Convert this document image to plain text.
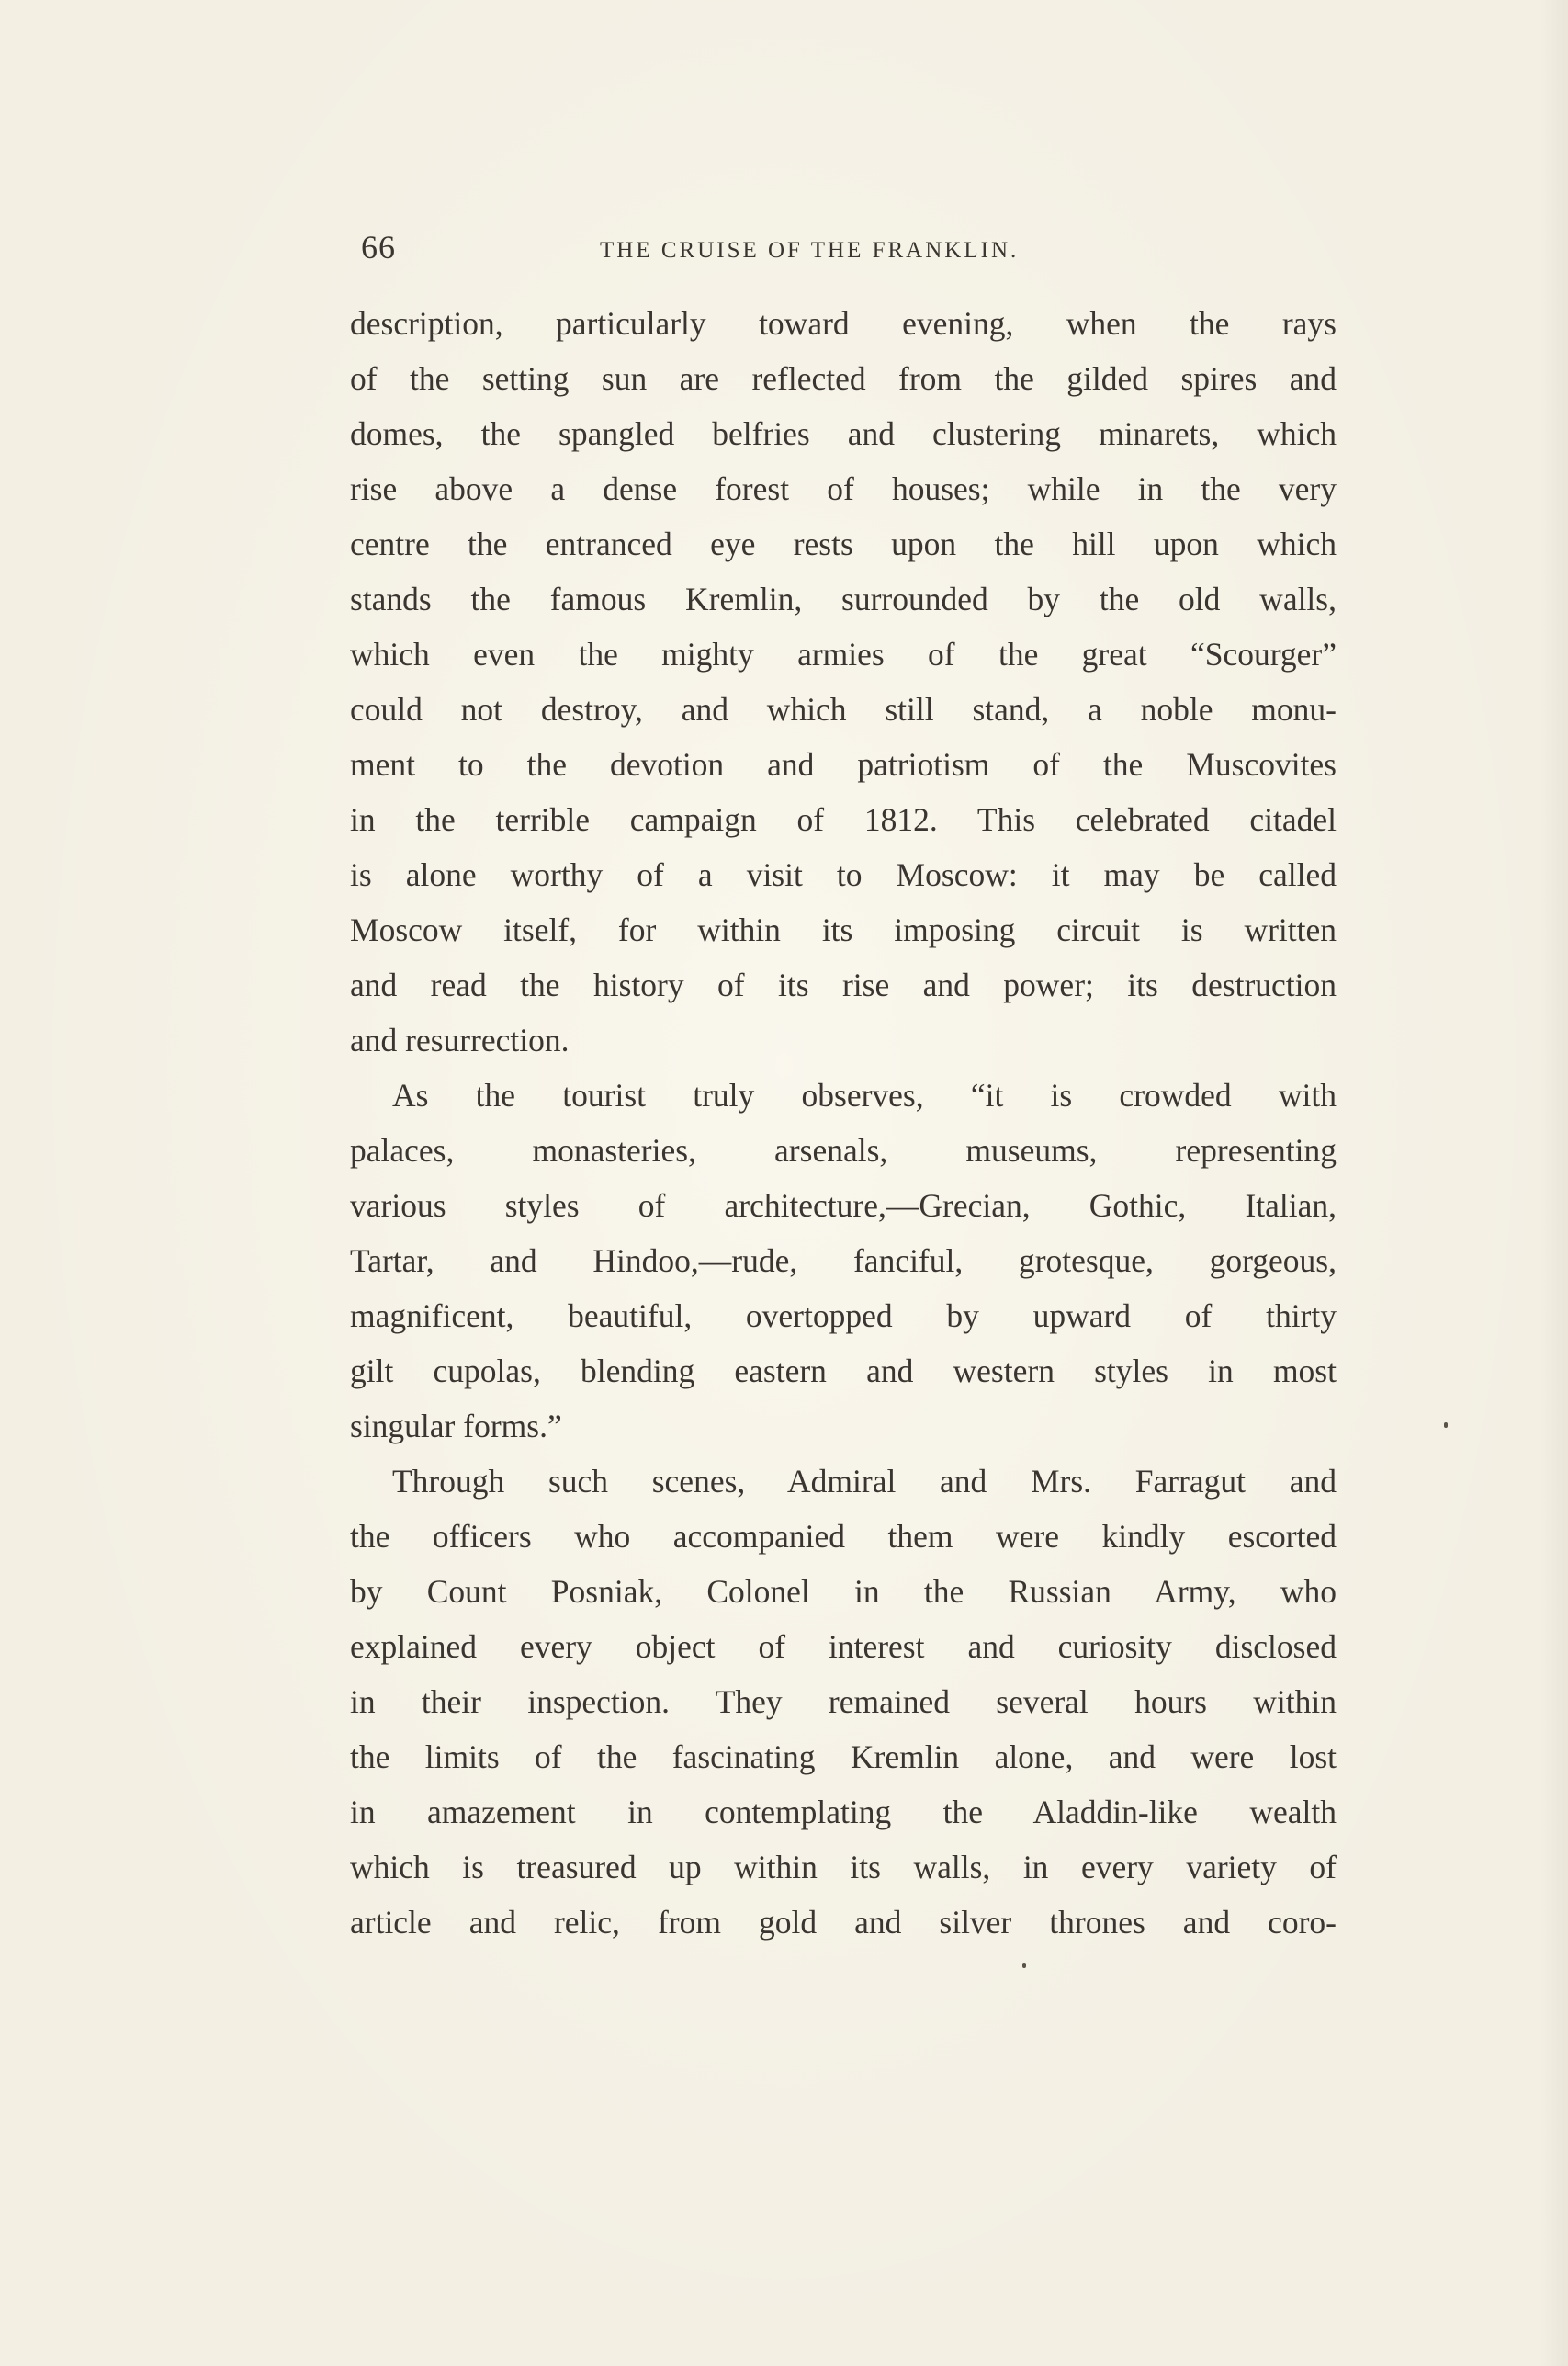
66	THE CRUISE OF THE FRANKLIN.
description, particularly toward evening, when the rays
of the setting sun are reflected from the gilded spires and
domes, the spangled belfries and clustering minarets, which
rise above a dense forest of houses; while in the very
centre the entranced eye rests upon the hill upon which
stands the famous Kremlin, surrounded by the old walls,
which even the mighty armies of the great “Scourger”
could not destroy, and which still stand, a noble monu-
ment to the devotion and patriotism of the Muscovites
in the terrible campaign of 1812. This celebrated citadel
is alone worthy of a visit to Moscow: it may be called
Moscow itself, for within its imposing circuit is written
and read the history of its rise and power; its destruction
and resurrection.
As the tourist truly observes, “it is crowded with
palaces, monasteries, arsenals, museums, representing
various styles of architecture,—Grecian, Gothic, Italian,
Tartar, and Hindoo,—rude, fanciful, grotesque, gorgeous,
magnificent, beautiful, overtopped by upward of thirty
gilt cupolas, blending eastern and western styles in most
singular forms.”
Through such scenes, Admiral and Mrs. Farragut and
the officers who accompanied them were kindly escorted
by Count Posniak, Colonel in the Russian Army, who
explained every object of interest and curiosity disclosed
in their inspection. They remained several hours within
the limits of the fascinating Kremlin alone, and were lost
in amazement in contemplating the Aladdin-like wealth
which is treasured up within its walls, in every variety of
article and relic, from gold and silver thrones and coro-
